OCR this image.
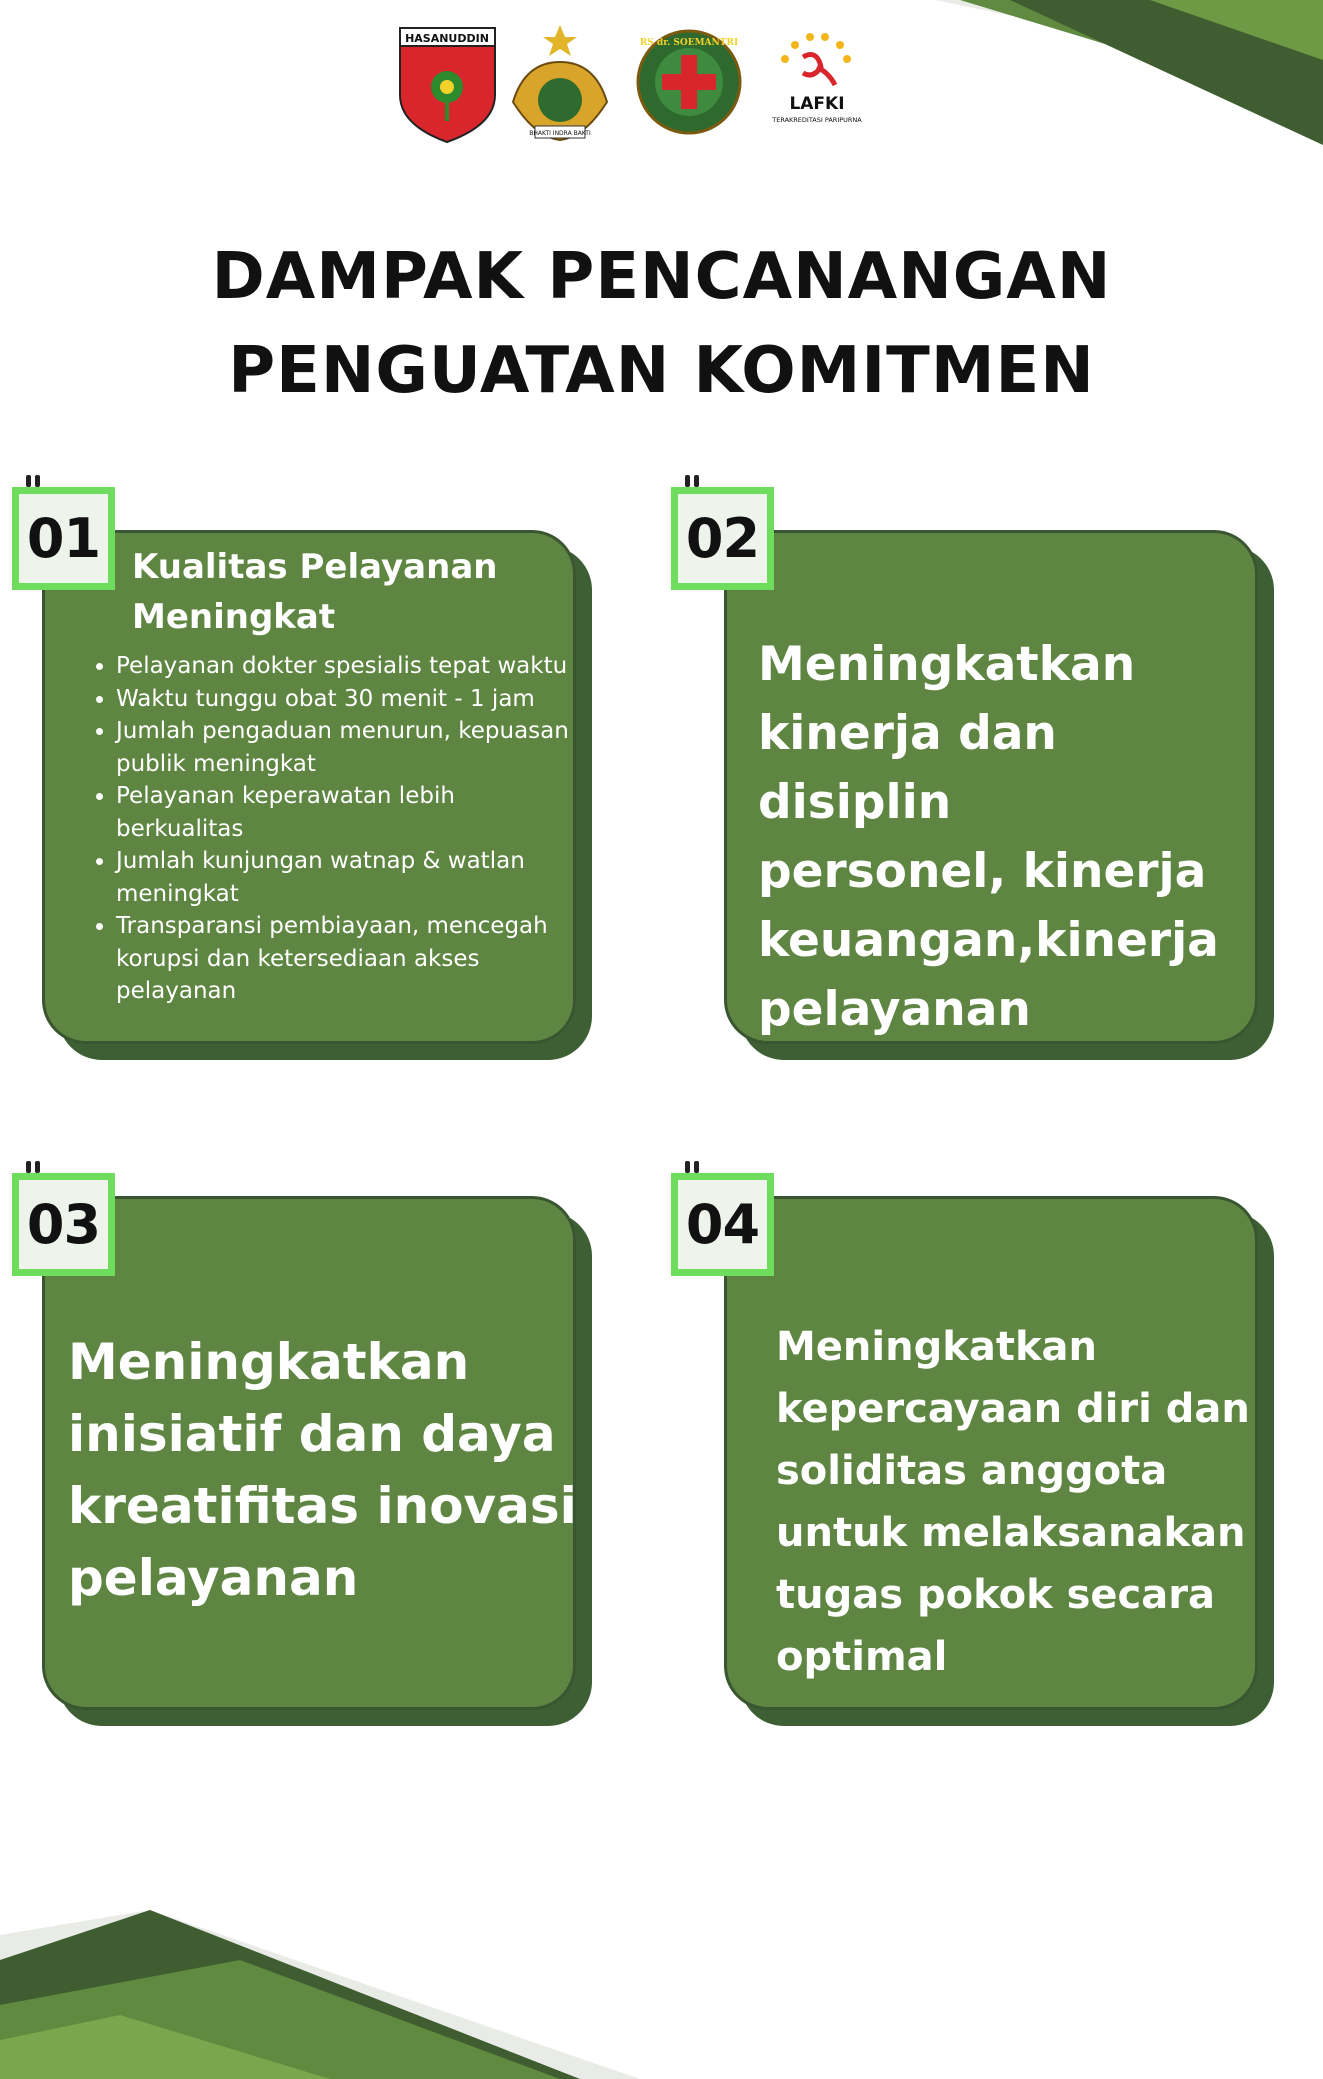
HASANUDDIN
BHAKTI INDRA BAKTI
RS dr. SOEMANTRI
LAFKI
TERAKREDITASI PARIPURNA
DAMPAK PENCANANGAN
PENGUATAN KOMITMEN
Kualitas Pelayanan
Meningkat
• Pelayanan dokter spesialis tepat waktu
• Waktu tunggu obat 30 menit - 1 jam
• Jumlah pengaduan menurun, kepuasan publik meningkat
• Pelayanan keperawatan lebih berkualitas
• Jumlah kunjungan watnap & watlan meningkat
• Transparansi pembiayaan, mencegah korupsi dan ketersediaan akses pelayanan
01
Meningkatkan
kinerja dan disiplin
personel, kinerja
keuangan,kinerja
pelayanan
02
Meningkatkan
inisiatif dan daya
kreatifitas inovasi
pelayanan
03
Meningkatkan
kepercayaan diri dan
soliditas anggota
untuk melaksanakan
tugas pokok secara
optimal
04
